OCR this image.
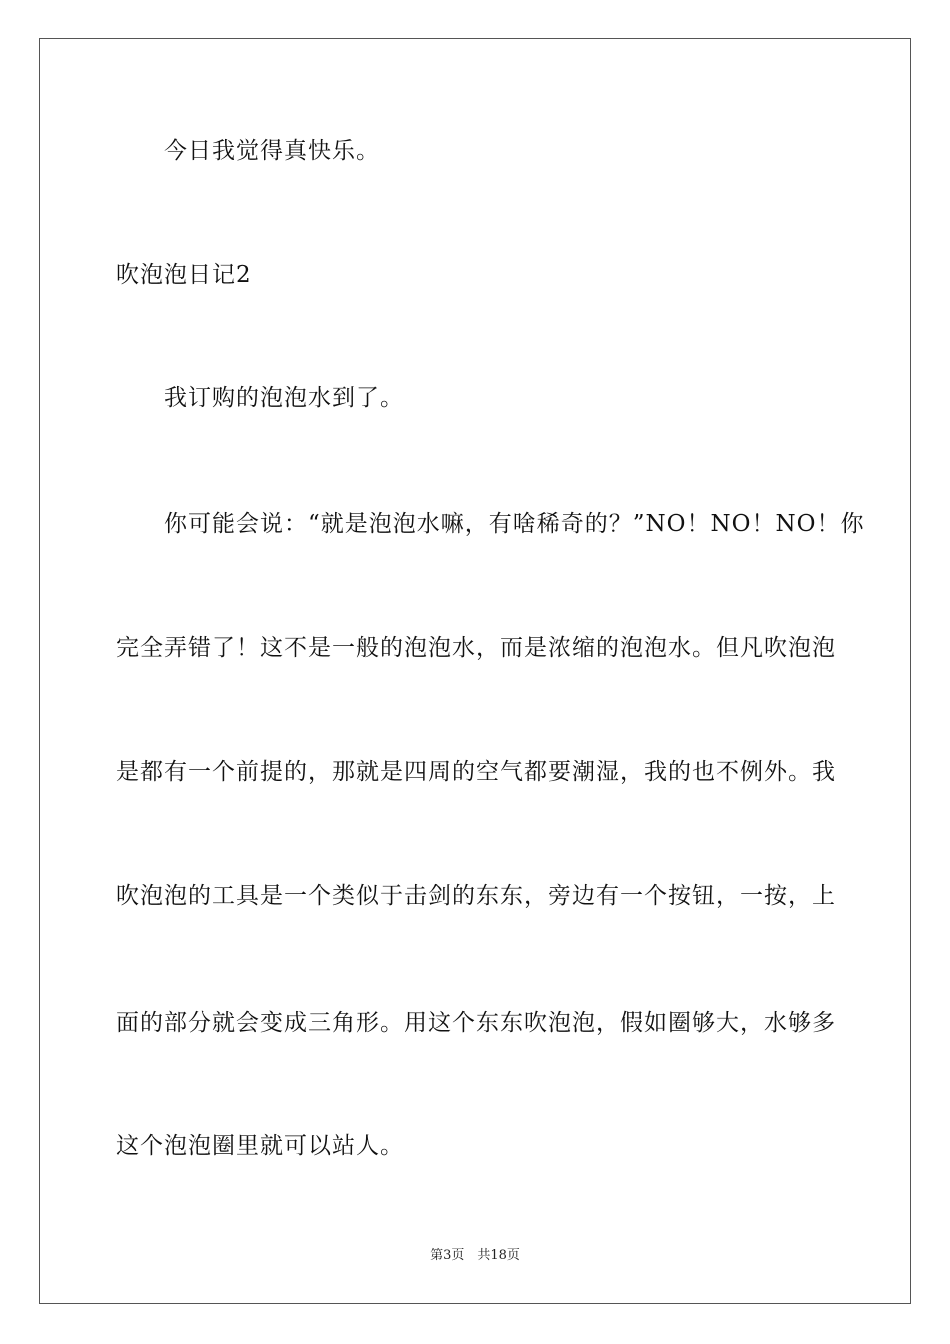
今日我觉得真快乐。
吹泡泡日记2
我订购的泡泡水到了。
你可能会说：“就是泡泡水嘛，有啥稀奇的？”NO！NO！NO！你
完全弄错了！这不是一般的泡泡水，而是浓缩的泡泡水。但凡吹泡泡
是都有一个前提的，那就是四周的空气都要潮湿，我的也不例外。我
吹泡泡的工具是一个类似于击剑的东东，旁边有一个按钮，一按，上
面的部分就会变成三角形。用这个东东吹泡泡，假如圈够大，水够多
这个泡泡圈里就可以站人。
第3页　共18页
